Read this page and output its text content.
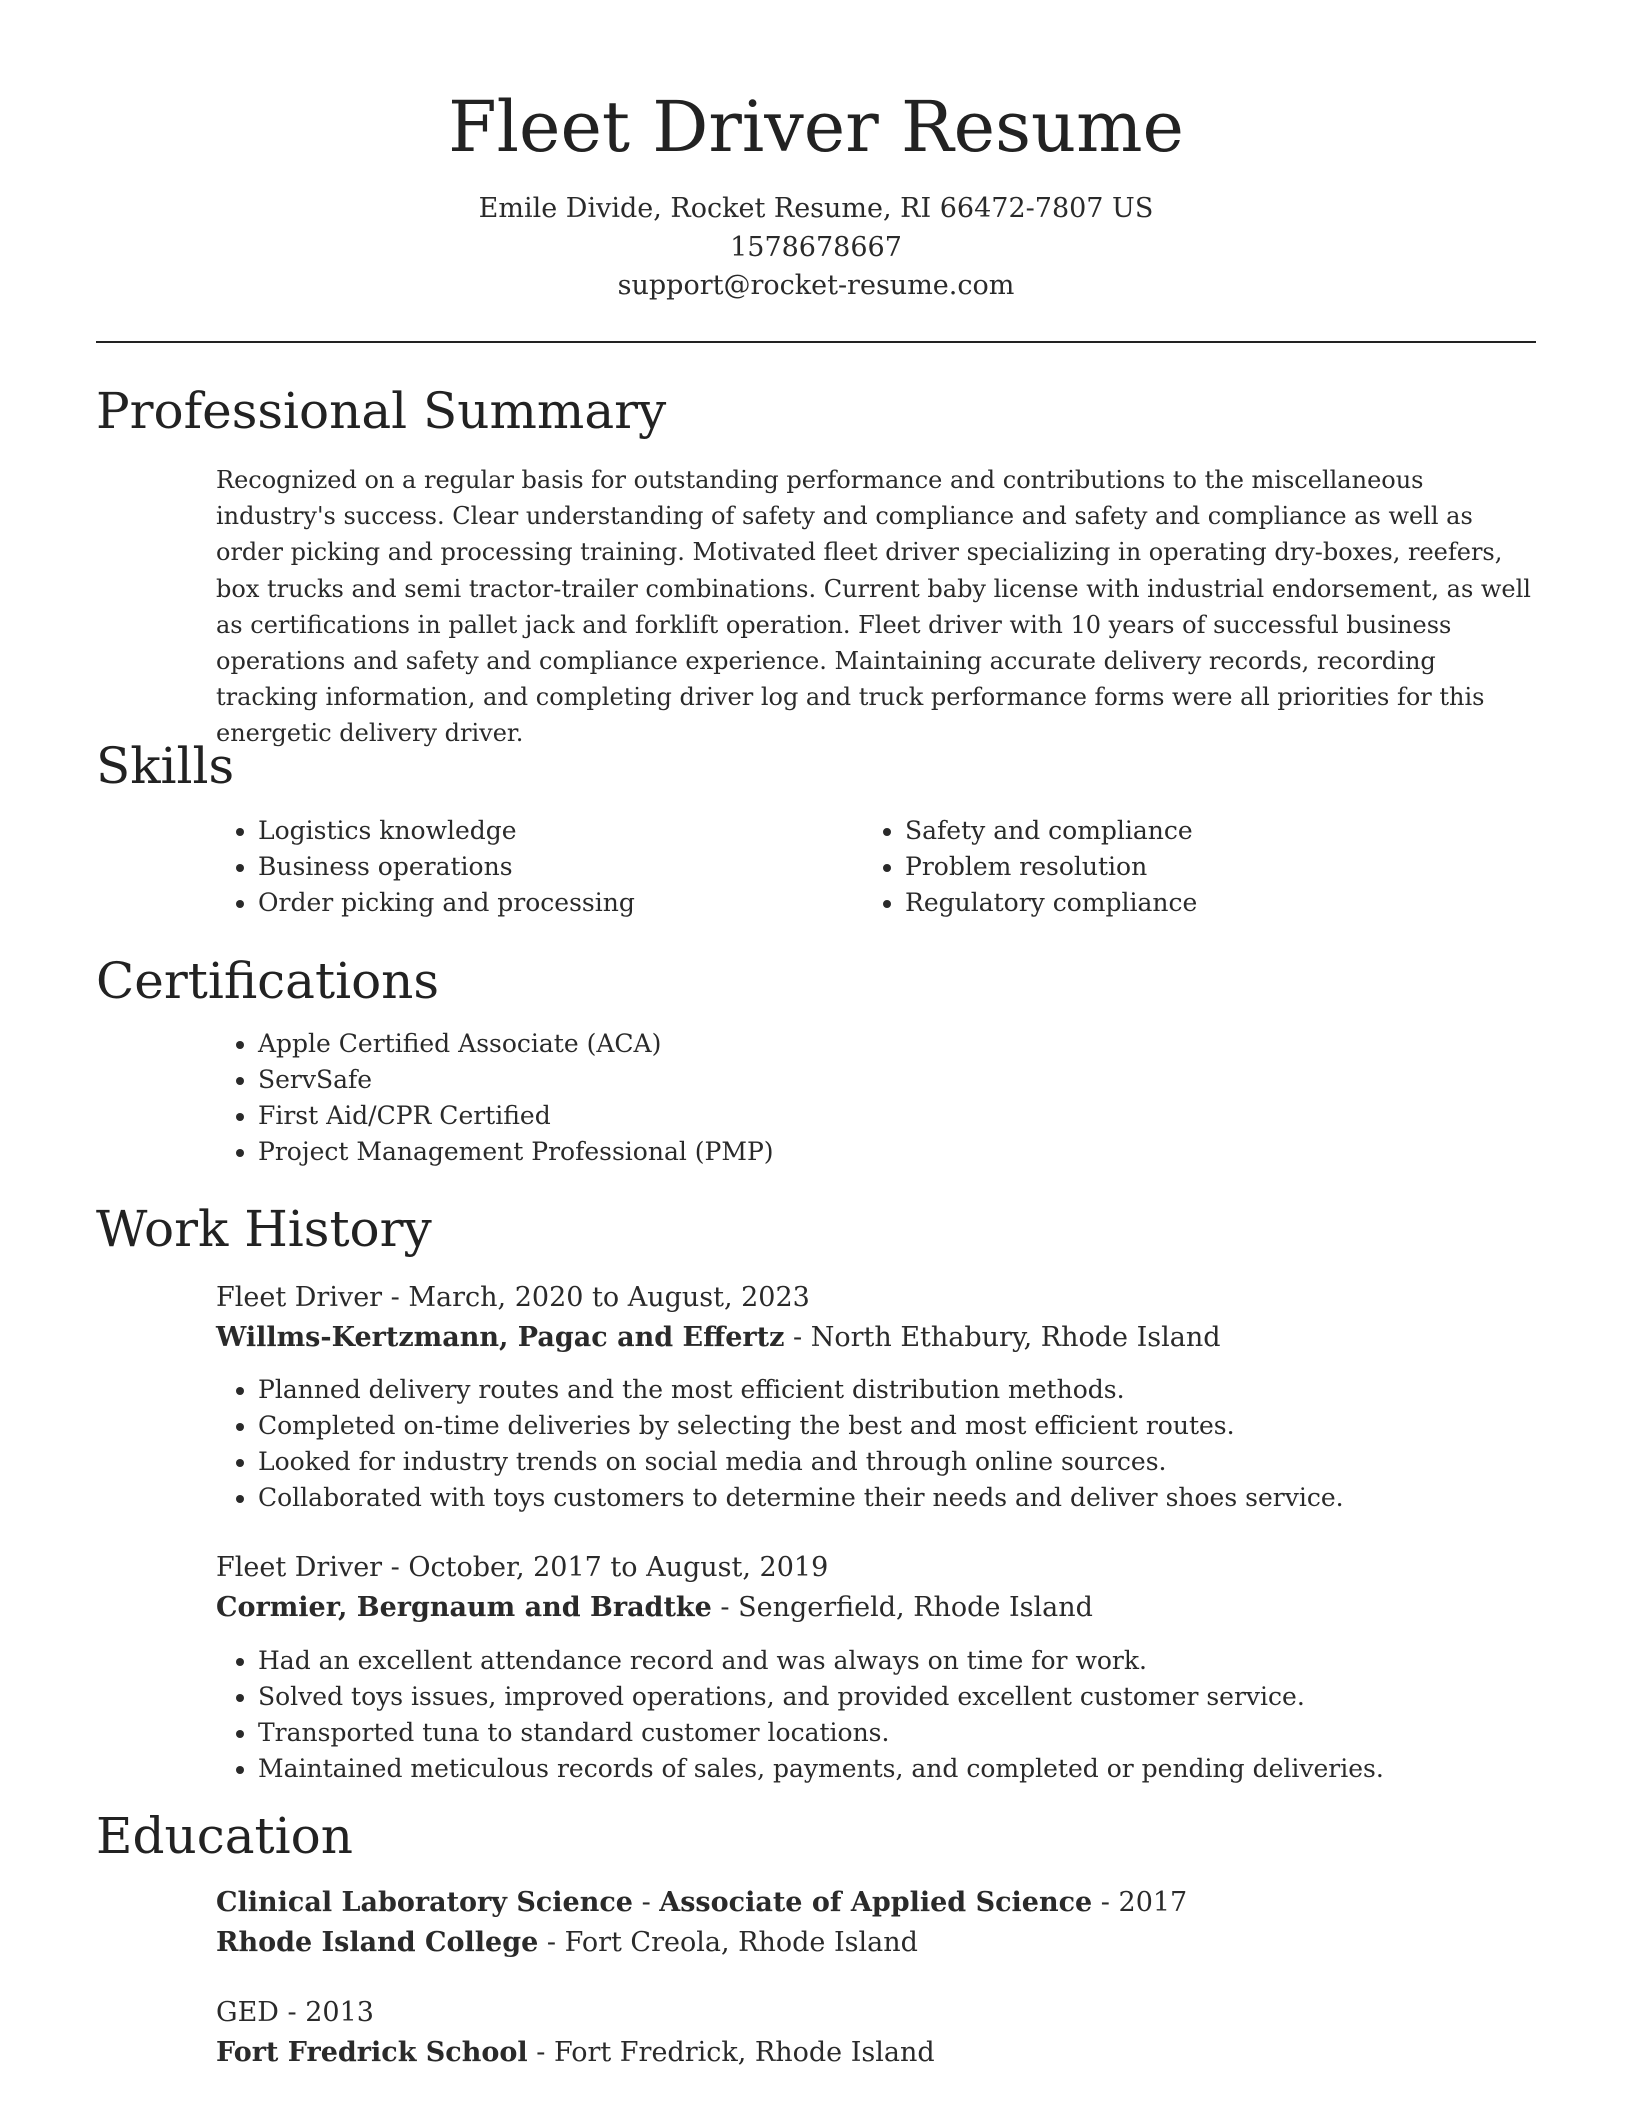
Fleet Driver Resume
Emile Divide, Rocket Resume, RI 66472-7807 US
1578678667
support@rocket-resume.com
Professional Summary

Recognized on a regular basis for outstanding performance and contributions to the miscellaneous industry's success. Clear understanding of safety and compliance and safety and compliance as well as order picking and processing training. Motivated fleet driver specializing in operating dry-boxes, reefers, box trucks and semi tractor-trailer combinations. Current baby license with industrial endorsement, as well as certifications in pallet jack and forklift operation. Fleet driver with 10 years of successful business operations and safety and compliance experience. Maintaining accurate delivery records, recording tracking information, and completing driver log and truck performance forms were all priorities for this energetic delivery driver.

Skills
• Logistics knowledge
• Business operations
• Order picking and processing
• Safety and compliance
• Problem resolution
• Regulatory compliance
Certifications
• Apple Certified Associate (ACA)
• ServSafe
• First Aid/CPR Certified
• Project Management Professional (PMP)
Work History
Fleet Driver - March, 2020 to August, 2023
Willms-Kertzmann, Pagac and Effertz - North Ethabury, Rhode Island
• Planned delivery routes and the most efficient distribution methods.
• Completed on-time deliveries by selecting the best and most efficient routes.
• Looked for industry trends on social media and through online sources.
• Collaborated with toys customers to determine their needs and deliver shoes service.
Fleet Driver - October, 2017 to August, 2019
Cormier, Bergnaum and Bradtke - Sengerfield, Rhode Island
• Had an excellent attendance record and was always on time for work.
• Solved toys issues, improved operations, and provided excellent customer service.
• Transported tuna to standard customer locations.
• Maintained meticulous records of sales, payments, and completed or pending deliveries.
Education
Clinical Laboratory Science - Associate of Applied Science - 2017
Rhode Island College - Fort Creola, Rhode Island
GED - 2013
Fort Fredrick School - Fort Fredrick, Rhode Island
